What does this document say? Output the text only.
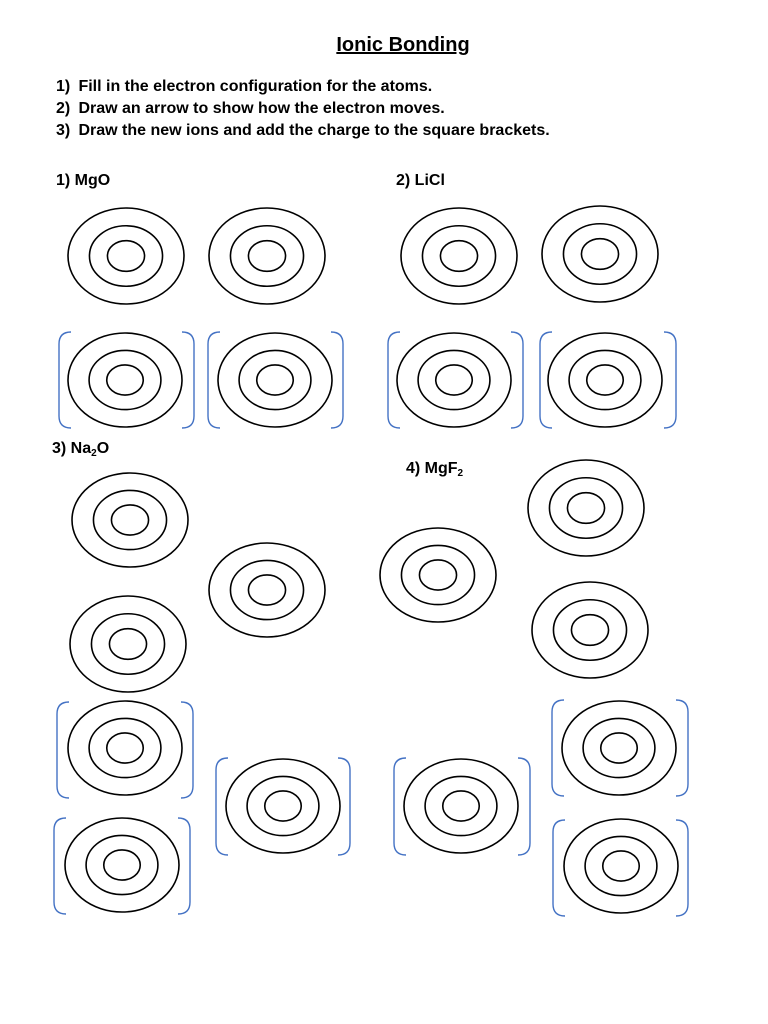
Ionic Bonding
1) Fill in the electron configuration for the atoms.
2) Draw an arrow to show how the electron moves.
3) Draw the new ions and add the charge to the square brackets.
1) MgO	2) LiCl
3) $Na_2O$
4) MgF$_2$
